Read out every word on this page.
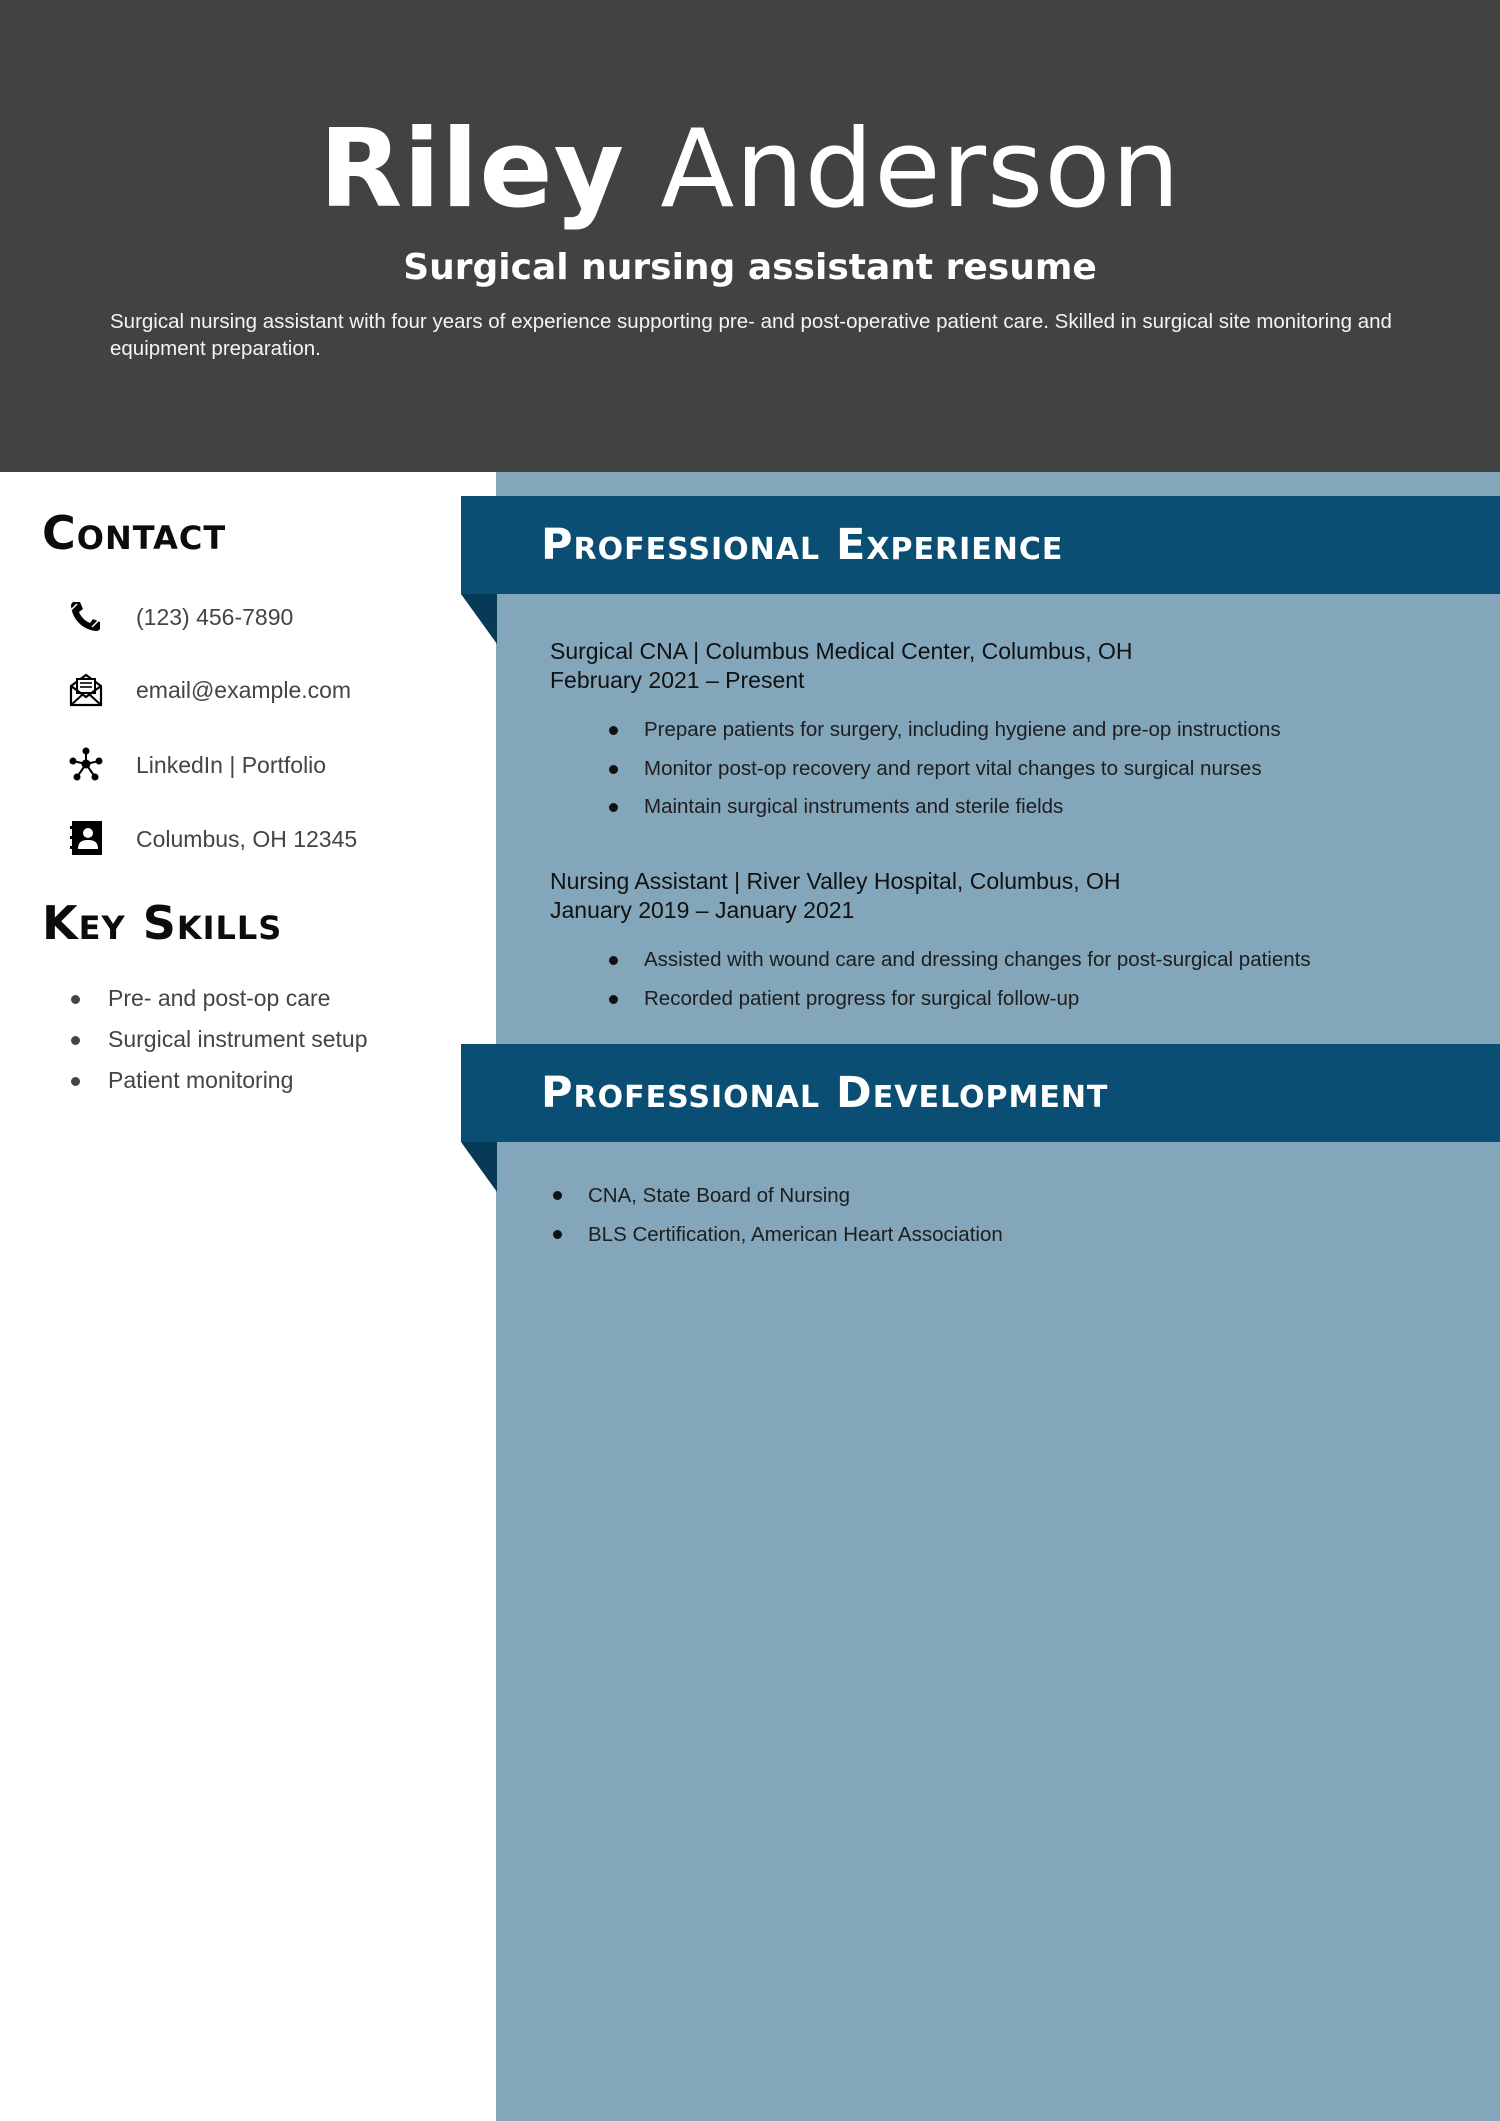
Riley Anderson
Surgical nursing assistant resume
Surgical nursing assistant with four years of experience supporting pre- and post-operative patient care. Skilled in surgical site monitoring and equipment preparation.
Contact
(123) 456-7890
email@example.com
LinkedIn | Portfolio
Columbus, OH 12345
Key Skills
Pre- and post-op care
Surgical instrument setup
Patient monitoring
Professional Experience
Surgical CNA | Columbus Medical Center, Columbus, OH
February 2021 – Present
Prepare patients for surgery, including hygiene and pre-op instructions
Monitor post-op recovery and report vital changes to surgical nurses
Maintain surgical instruments and sterile fields
Nursing Assistant | River Valley Hospital, Columbus, OH
January 2019 – January 2021
Assisted with wound care and dressing changes for post-surgical patients
Recorded patient progress for surgical follow-up
Professional Development
CNA, State Board of Nursing
BLS Certification, American Heart Association
